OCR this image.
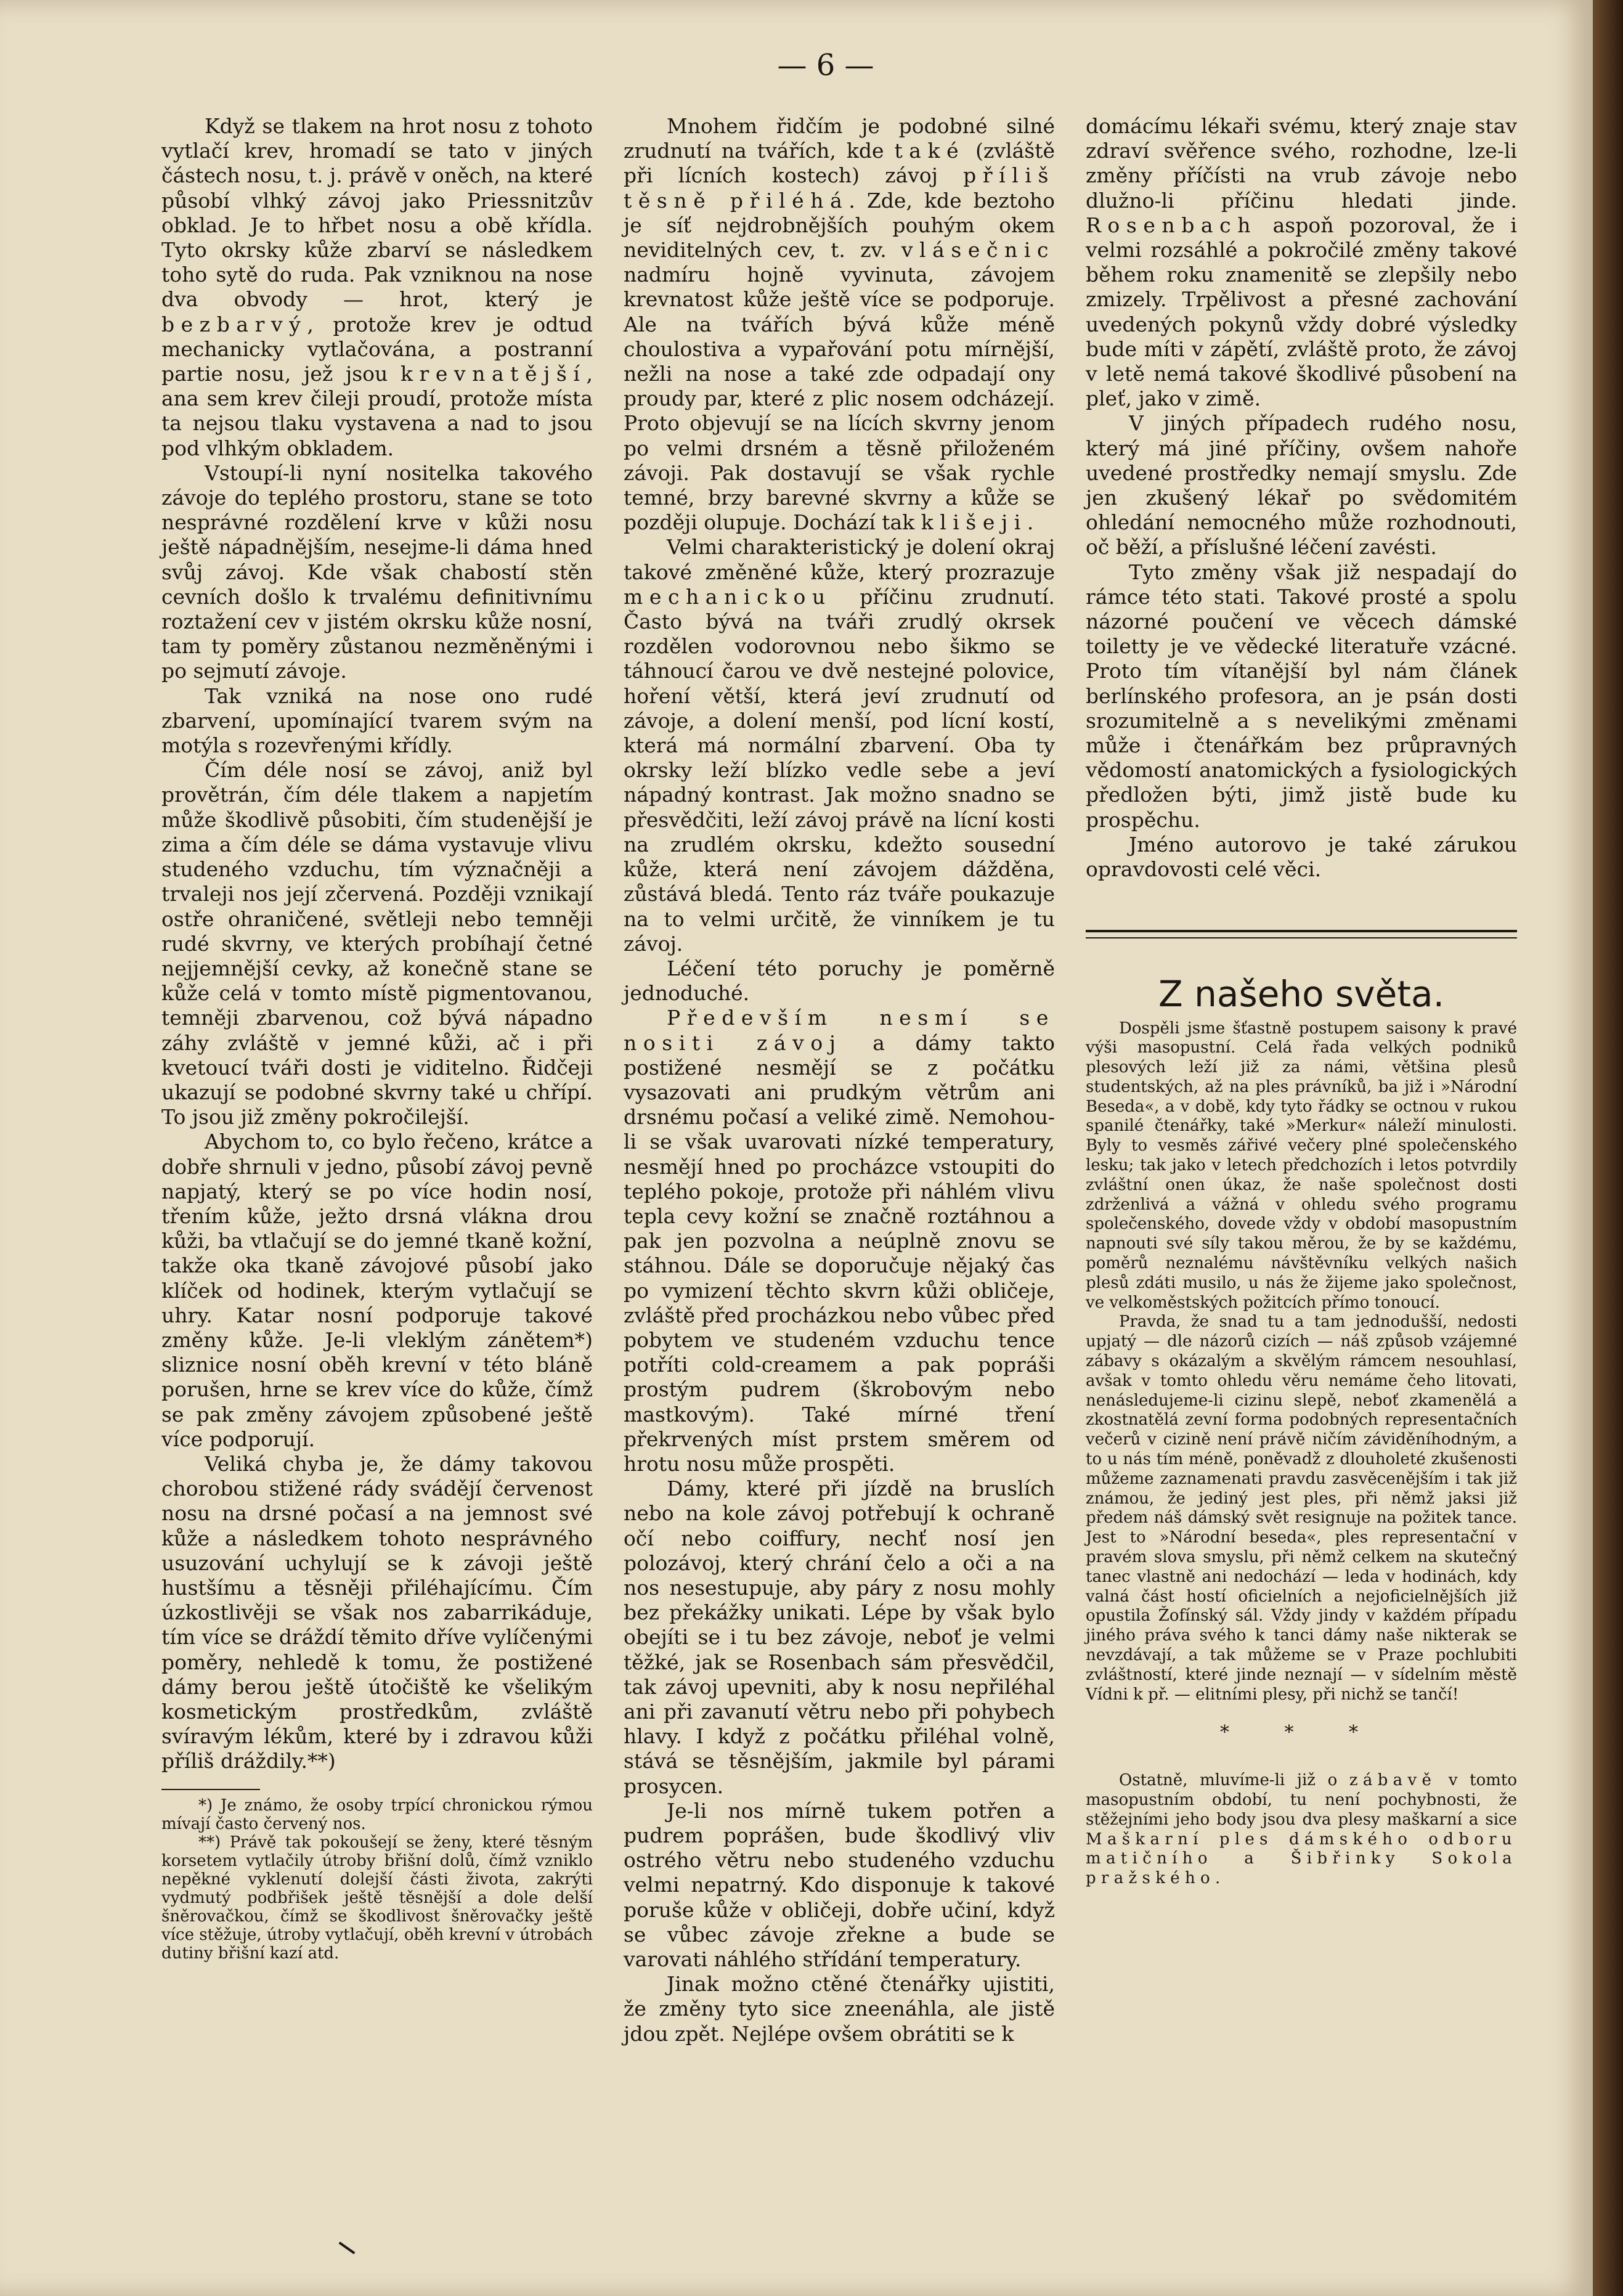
— 6 —

Když se tlakem na hrot nosu z tohoto vytlačí krev, hromadí se tato v jiných částech nosu, t. j. právě v oněch, na které působí vlhký závoj jako Priessnitzův obklad. Je to hřbet nosu a obě křídla. Tyto okrsky kůže zbarví se následkem toho sytě do ruda. Pak vzniknou na nose dva obvody — hrot, který je bezbarvý, protože krev je odtud mechanicky vytlačována, a postranní partie nosu, jež jsou krevnatější, ana sem krev čileji proudí, protože místa ta nejsou tlaku vystavena a nad to jsou pod vlhkým obkladem.

Vstoupí-li nyní nositelka takového závoje do teplého prostoru, stane se toto nesprávné rozdělení krve v kůži nosu ještě nápadnějším, nesejme-li dáma hned svůj závoj. Kde však chabostí stěn cevních došlo k trvalému definitivnímu roztažení cev v jistém okrsku kůže nosní, tam ty poměry zůstanou nezměněnými i po sejmutí závoje.

Tak vzniká na nose ono rudé zbarvení, upomínající tvarem svým na motýla s rozevřenými křídly.

Čím déle nosí se závoj, aniž byl provětrán, čím déle tlakem a napjetím může škodlivě působiti, čím studenější je zima a čím déle se dáma vystavuje vlivu studeného vzduchu, tím význačněji a trvaleji nos její zčervená. Později vznikají ostře ohraničené, světleji nebo temněji rudé skvrny, ve kterých probíhají četné nejjemnější cevky, až konečně stane se kůže celá v tomto místě pigmentovanou, temněji zbarvenou, což bývá nápadno záhy zvláště v jemné kůži, ač i při kvetoucí tváři dosti je viditelno. Řidčeji ukazují se podobné skvrny také u chřípí. To jsou již změny pokročilejší.

Abychom to, co bylo řečeno, krátce a dobře shrnuli v jedno, působí závoj pevně napjatý, který se po více hodin nosí, třením kůže, ježto drsná vlákna drou kůži, ba vtlačují se do jemné tkaně kožní, takže oka tkaně závojové působí jako klíček od hodinek, kterým vytlačují se uhry. Katar nosní podporuje takové změny kůže. Je-li vleklým zánětem*) sliznice nosní oběh krevní v této bláně porušen, hrne se krev více do kůže, čímž se pak změny závojem způsobené ještě více podporují.

Veliká chyba je, že dámy takovou chorobou stižené rády svádějí červenost nosu na drsné počasí a na jemnost své kůže a následkem tohoto nesprávného usuzování uchylují se k závoji ještě hustšímu a těsněji přiléhajícímu. Čím úzkostlivěji se však nos zabarrikáduje, tím více se dráždí těmito dříve vylíčenými poměry, nehledě k tomu, že postižené dámy berou ještě útočiště ke všelikým kosmetickým prostředkům, zvláště svíravým lékům, které by i zdravou kůži příliš dráždily.**)

*) Je známo, že osoby trpící chronickou rýmou mívají často červený nos.

**) Právě tak pokoušejí se ženy, které těsným korsetem vytlačily útroby břišní dolů, čímž vzniklo nepěkné vyklenutí dolejší části života, zakrýti vydmutý podbřišek ještě těsnější a dole delší šněrovačkou, čímž se škodlivost šněrovačky ještě více stěžuje, útroby vytlačují, oběh krevní v útrobách dutiny břišní kazí atd.

Mnohem řidčím je podobné silné zrudnutí na tvářích, kde také (zvláště při lícních kostech) závoj příliš těsně přiléhá. Zde, kde beztoho je síť nejdrobnějších pouhým okem neviditelných cev, t. zv. vlásečnic nadmíru hojně vyvinuta, závojem krevnatost kůže ještě více se podporuje. Ale na tvářích bývá kůže méně choulostiva a vypařování potu mírnější, nežli na nose a také zde odpadají ony proudy par, které z plic nosem odcházejí. Proto objevují se na lících skvrny jenom po velmi drsném a těsně přiloženém závoji. Pak dostavují se však rychle temné, brzy barevné skvrny a kůže se později olupuje. Dochází tak k lišeji.

Velmi charakteristický je dolení okraj takové změněné kůže, který prozrazuje mechanickou příčinu zrudnutí. Často bývá na tváři zrudlý okrsek rozdělen vodorovnou nebo šikmo se táhnoucí čarou ve dvě nestejné polovice, hoření větší, která jeví zrudnutí od závoje, a dolení menší, pod lícní kostí, která má normální zbarvení. Oba ty okrsky leží blízko vedle sebe a jeví nápadný kontrast. Jak možno snadno se přesvědčiti, leží závoj právě na lícní kosti na zrudlém okrsku, kdežto sousední kůže, která není závojem dážděna, zůstává bledá. Tento ráz tváře poukazuje na to velmi určitě, že vinníkem je tu závoj.

Léčení této poruchy je poměrně jednoduché.

Především nesmí se nositi závoj a dámy takto postižené nesmějí se z počátku vysazovati ani prudkým větrům ani drsnému počasí a veliké zimě. Nemohou-li se však uvarovati nízké temperatury, nesmějí hned po procházce vstoupiti do teplého pokoje, protože při náhlém vlivu tepla cevy kožní se značně roztáhnou a pak jen pozvolna a neúplně znovu se stáhnou. Dále se doporučuje nějaký čas po vymizení těchto skvrn kůži obličeje, zvláště před procházkou nebo vůbec před pobytem ve studeném vzduchu tence potříti cold-creamem a pak popráši prostým pudrem (škrobovým nebo mastkovým). Také mírné tření překrvených míst prstem směrem od hrotu nosu může prospěti.

Dámy, které při jízdě na bruslích nebo na kole závoj potřebují k ochraně očí nebo coiffury, nechť nosí jen polozávoj, který chrání čelo a oči a na nos nesestupuje, aby páry z nosu mohly bez překážky unikati. Lépe by však bylo obejíti se i tu bez závoje, neboť je velmi těžké, jak se Rosenbach sám přesvědčil, tak závoj upevniti, aby k nosu nepřiléhal ani při zavanutí větru nebo při pohybech hlavy. I když z počátku přiléhal volně, stává se těsnějším, jakmile byl párami prosycen.

Je-li nos mírně tukem potřen a pudrem poprášen, bude škodlivý vliv ostrého větru nebo studeného vzduchu velmi nepatrný. Kdo disponuje k takové poruše kůže v obličeji, dobře učiní, když se vůbec závoje zřekne a bude se varovati náhlého střídání temperatury.

Jinak možno ctěné čtenářky ujistiti, že změny tyto sice zneenáhla, ale jistě jdou zpět. Nejlépe ovšem obrátiti se k

domácímu lékaři svému, který znaje stav zdraví svěřence svého, rozhodne, lze-li změny příčísti na vrub závoje nebo dlužno-li příčinu hledati jinde. Rosenbach aspoň pozoroval, že i velmi rozsáhlé a pokročilé změny takové během roku znamenitě se zlepšily nebo zmizely. Trpělivost a přesné zachování uvedených pokynů vždy dobré výsledky bude míti v zápětí, zvláště proto, že závoj v letě nemá takové škodlivé působení na pleť, jako v zimě.

V jiných případech rudého nosu, který má jiné příčiny, ovšem nahoře uvedené prostředky nemají smyslu. Zde jen zkušený lékař po svědomitém ohledání nemocného může rozhodnouti, oč běží, a příslušné léčení zavésti.

Tyto změny však již nespadají do rámce této stati. Takové prosté a spolu názorné poučení ve věcech dámské toiletty je ve vědecké literatuře vzácné. Proto tím vítanější byl nám článek berlínského profesora, an je psán dosti srozumitelně a s nevelikými změnami může i čtenářkám bez průpravných vědomostí anatomických a fysiologických předložen býti, jimž jistě bude ku prospěchu.

Jméno autorovo je také zárukou opravdovosti celé věci.

Z našeho světa.

Dospěli jsme šťastně postupem saisony k pravé výši masopustní. Celá řada velkých podniků plesových leží již za námi, většina plesů studentských, až na ples právníků, ba již i »Národní Beseda«, a v době, kdy tyto řádky se octnou v rukou spanilé čtenářky, také »Merkur« náleží minulosti. Byly to vesměs zářivé večery plné společenského lesku; tak jako v letech předchozích i letos potvrdily zvláštní onen úkaz, že naše společnost dosti zdrženlivá a vážná v ohledu svého programu společenského, dovede vždy v období masopustním napnouti své síly takou měrou, že by se každému, poměrů neznalému návštěvníku velkých našich plesů zdáti musilo, u nás že žijeme jako společnost, ve velkoměstských požitcích přímo tonoucí.

Pravda, že snad tu a tam jednodušší, nedosti upjatý — dle názorů cizích — náš způsob vzájemné zábavy s okázalým a skvělým rámcem nesouhlasí, avšak v tomto ohledu věru nemáme čeho litovati, nenásledujeme-li cizinu slepě, neboť zkamenělá a zkostnatělá zevní forma podobných representačních večerů v cizině není právě ničím záviděníhodným, a to u nás tím méně, poněvadž z dlouholeté zkušenosti můžeme zaznamenati pravdu zasvěcenějším i tak již známou, že jediný jest ples, při němž jaksi již předem náš dámský svět resignuje na požitek tance. Jest to »Národní beseda«, ples representační v pravém slova smyslu, při němž celkem na skutečný tanec vlastně ani nedochází — leda v hodinách, kdy valná část hostí oficielních a nejoficielnějších již opustila Žofínský sál. Vždy jindy v každém případu jiného práva svého k tanci dámy naše nikterak se nevzdávají, a tak můžeme se v Praze pochlubiti zvláštností, které jinde neznají — v sídelním městě Vídni k př. — elitními plesy, při nichž se tančí!

* * *

Ostatně, mluvíme-li již o zábavě v tomto masopustním období, tu není pochybnosti, že stěžejními jeho body jsou dva plesy maškarní a sice Maškarní ples dámského odboru matičního a Šibřinky Sokola pražského.
